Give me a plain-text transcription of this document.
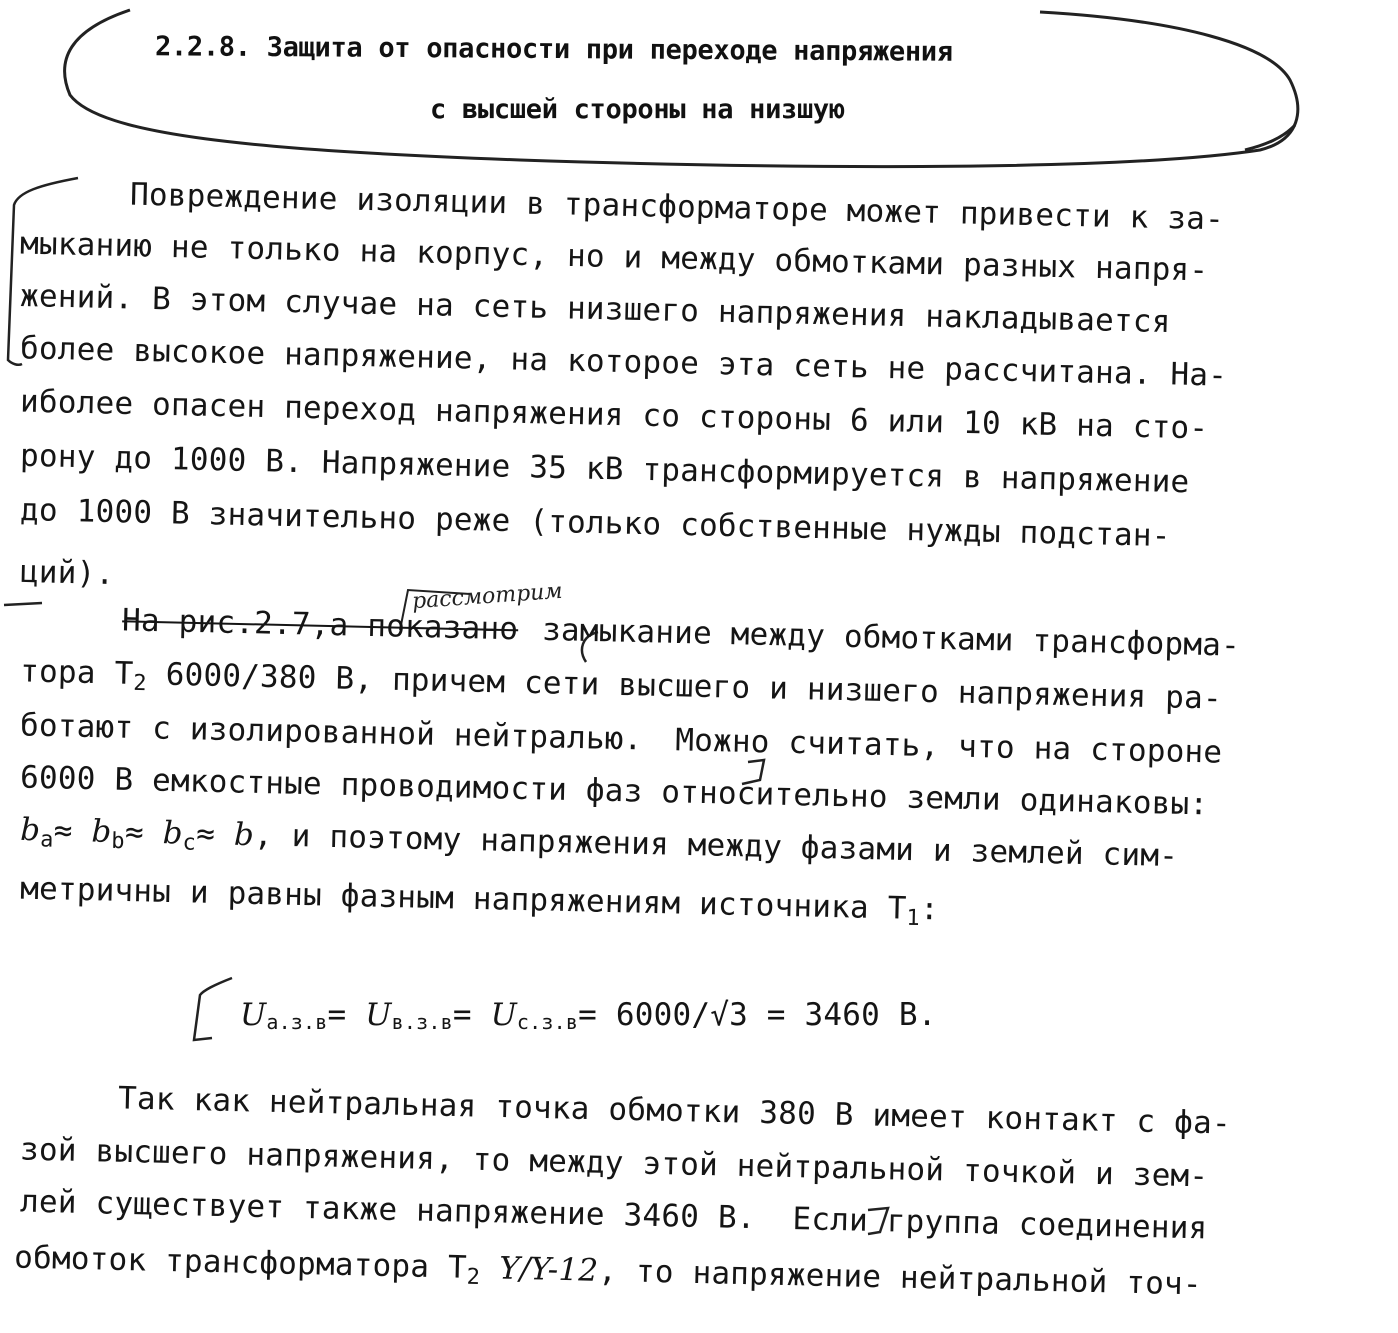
2.2.8. Защита от опасности при переходе напряжения

с высшей стороны на низшую

Повреждение изоляции в трансформаторе может привести к за-

мыканию не только на корпус, но и между обмотками разных напря-

жений. В этом случае на сеть низшего напряжения накладывается

более высокое напряжение, на которое эта сеть не рассчитана. На-

иболее опасен переход напряжения со стороны 6 или 10 кВ на сто-

рону до 1000 В. Напряжение 35 кВ трансформируется в напряжение

до 1000 В значительно реже (только собственные нужды подстан-

ций).

рассмотрим

На рис.2.7,а показано замыкание между обмотками трансформа-

тора $Т_2$ 6000/380 В, причем сети высшего и низшего напряжения ра-

ботают с изолированной нейтралью. Можно считать, что на стороне

6000 В емкостные проводимости фаз относительно земли одинаковы:

$b_a\approx b_b\approx b_c\approx b$, и поэтому напряжения между фазами и землей сим-

метричны и равны фазным напряжениям источника $Т_1$:

Ua.з.в= Uв.з.в= Uc.з.в= 6000/√3 = 3460 В.

Так как нейтральная точка обмотки 380 В имеет контакт с фа-

зой высшего напряжения, то между этой нейтральной точкой и зем-

лей существует также напряжение 3460 В. Если группа соединения

обмоток трансформатора $Т_2$ Y/Y-12, то напряжение нейтральной точ-
